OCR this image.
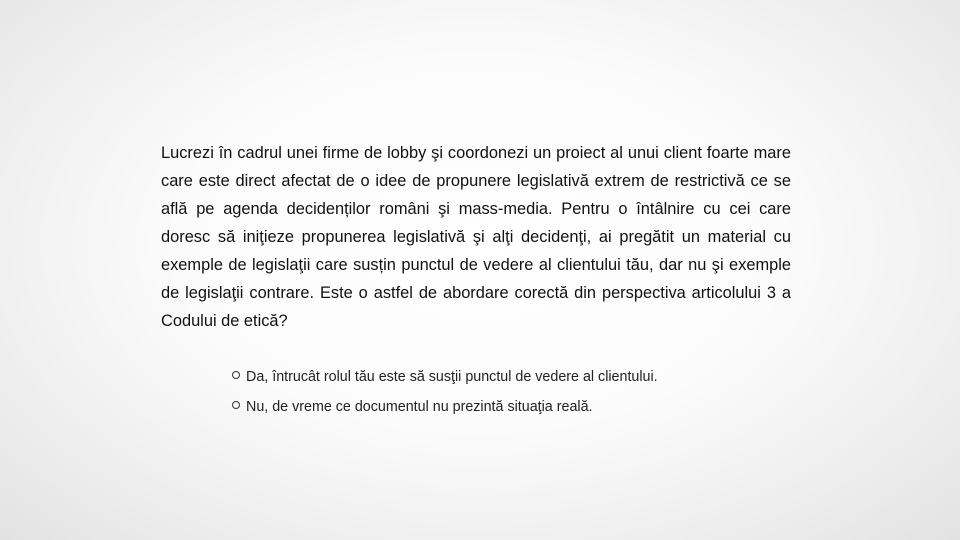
Lucrezi în cadrul unei firme de lobby şi coordonezi un proiect al unui client foarte mare care este direct afectat de o idee de propunere legislativă extrem de restrictivă ce se află pe agenda decidenților români şi mass-media. Pentru o întâlnire cu cei care doresc să iniţieze propunerea legislativă şi alţi decidenţi, ai pregătit un material cu exemple de legislaţii care susțin punctul de vedere al clientului tău, dar nu şi exemple de legislaţii contrare. Este o astfel de abordare corectă din perspectiva articolului 3 a Codului de etică?

Da, întrucât rolul tău este să susţii punctul de vedere al clientului.
Nu, de vreme ce documentul nu prezintă situaţia reală.
